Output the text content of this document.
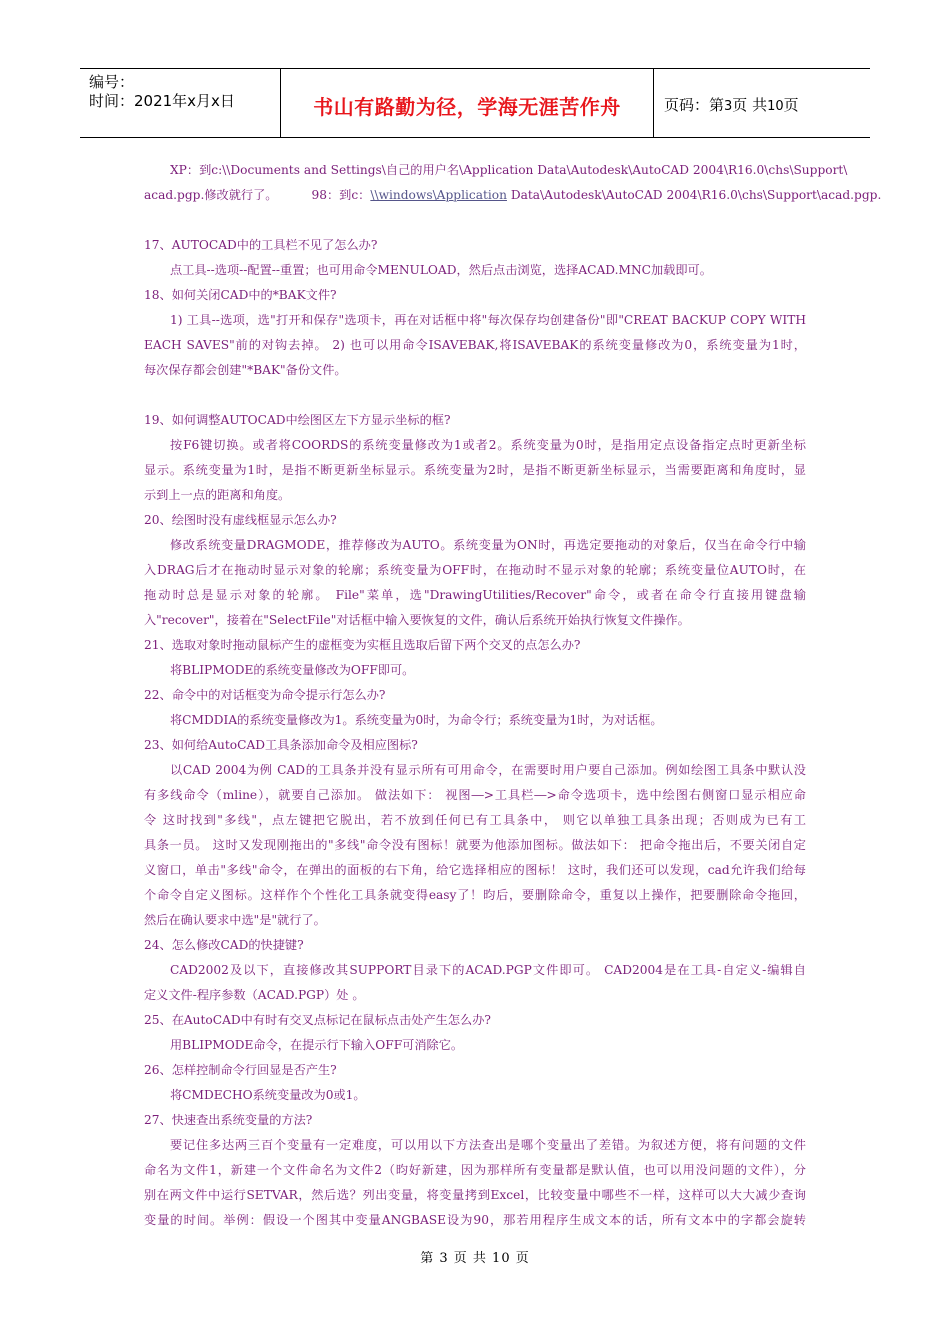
编号：
时间：2021年x月x日	书山有路勤为径，学海无涯苦作舟	页码：第3页 共10页
XP：到c:\\Documents and Settings\自己的用户名\Application Data\Autodesk\AutoCAD 2004\R16.0\chs\Support\
acad.pgp.修改就行了。	98：到c：\\windows\Application Data\Autodesk\AutoCAD 2004\R16.0\chs\Support\acad.pgp.
17、AUTOCAD中的工具栏不见了怎么办?
点工具--选项--配置--重置；也可用命令MENULOAD，然后点击浏览，选择ACAD.MNC加载即可。
18、如何关闭CAD中的*BAK文件?
1) 工具--选项，选"打开和保存"选项卡，再在对话框中将"每次保存均创建备份"即"CREAT BACKUP COPY WITH
EACH SAVES"前的对钩去掉。 2) 也可以用命令ISAVEBAK,将ISAVEBAK的系统变量修改为0，系统变量为1时，
每次保存都会创建"*BAK"备份文件。
19、如何调整AUTOCAD中绘图区左下方显示坐标的框?
按F6键切换。或者将COORDS的系统变量修改为1或者2。系统变量为0时，是指用定点设备指定点时更新坐标
显示。系统变量为1时，是指不断更新坐标显示。系统变量为2时，是指不断更新坐标显示，当需要距离和角度时，显
示到上一点的距离和角度。
20、绘图时没有虚线框显示怎么办?
修改系统变量DRAGMODE，推荐修改为AUTO。系统变量为ON时，再选定要拖动的对象后，仅当在命令行中输
入DRAG后才在拖动时显示对象的轮廓；系统变量为OFF时，在拖动时不显示对象的轮廓；系统变量位AUTO时，在
拖动时总是显示对象的轮廓。 File"菜单，选"DrawingUtilities/Recover"命令，或者在命令行直接用键盘输
入"recover"，接着在"SelectFile"对话框中输入要恢复的文件，确认后系统开始执行恢复文件操作。
21、选取对象时拖动鼠标产生的虚框变为实框且选取后留下两个交叉的点怎么办?
将BLIPMODE的系统变量修改为OFF即可。
22、命令中的对话框变为命令提示行怎么办?
将CMDDIA的系统变量修改为1。系统变量为0时，为命令行；系统变量为1时，为对话框。
23、如何给AutoCAD工具条添加命令及相应图标?
以CAD 2004为例 CAD的工具条并没有显示所有可用命令，在需要时用户要自己添加。例如绘图工具条中默认没
有多线命令（mline），就要自己添加。 做法如下： 视图―>工具栏―>命令选项卡，选中绘图右侧窗口显示相应命
令 这时找到"多线"，点左键把它脱出，若不放到任何已有工具条中， 则它以单独工具条出现；否则成为已有工
具条一员。 这时又发现刚拖出的"多线"命令没有图标！就要为他添加图标。做法如下： 把命令拖出后，不要关闭自定
义窗口，单击"多线"命令，在弹出的面板的右下角，给它选择相应的图标！ 这时，我们还可以发现，cad允许我们给每
个命令自定义图标。这样作个个性化工具条就变得easy了！昀后，要删除命令，重复以上操作，把要删除命令拖回，
然后在确认要求中选"是"就行了。
24、怎么修改CAD的快捷键?
CAD2002及以下，直接修改其SUPPORT目录下的ACAD.PGP文件即可。 CAD2004是在工具-自定义-编辑自
定义文件-程序参数（ACAD.PGP）处 。
25、在AutoCAD中有时有交叉点标记在鼠标点击处产生怎么办?
用BLIPMODE命令，在提示行下输入OFF可消除它。
26、怎样控制命令行回显是否产生?
将CMDECHO系统变量改为0或1。
27、快速查出系统变量的方法?
要记住多达两三百个变量有一定难度，可以用以下方法查出是哪个变量出了差错。为叙述方便，将有问题的文件
命名为文件1，新建一个文件命名为文件2（昀好新建，因为那样所有变量都是默认值，也可以用没问题的文件），分
别在两文件中运行SETVAR，然后选？列出变量，将变量拷到Excel，比较变量中哪些不一样，这样可以大大减少查询
变量的时间。举例：假设一个图其中变量ANGBASE设为90，那若用程序生成文本的话，所有文本中的字都会旋转
第 3 页 共 10 页
